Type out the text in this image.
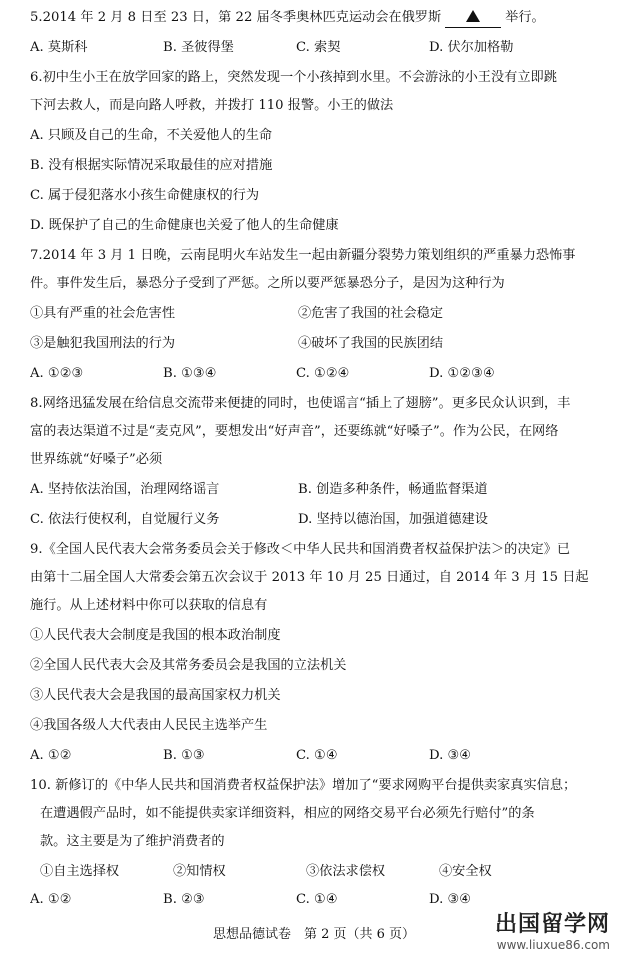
5.2014 年 2 月 8 日至 23 日，第 22 届冬季奥林匹克运动会在俄罗斯	举行。
A. 莫斯科	B. 圣彼得堡	C. 索契	D. 伏尔加格勒
6.初中生小王在放学回家的路上，突然发现一个小孩掉到水里。不会游泳的小王没有立即跳
下河去救人，而是向路人呼救，并拨打 110 报警。小王的做法
A. 只顾及自己的生命，不关爱他人的生命
B. 没有根据实际情况采取最佳的应对措施
C. 属于侵犯落水小孩生命健康权的行为
D. 既保护了自己的生命健康也关爱了他人的生命健康
7.2014 年 3 月 1 日晚，云南昆明火车站发生一起由新疆分裂势力策划组织的严重暴力恐怖事
件。事件发生后，暴恐分子受到了严惩。之所以要严惩暴恐分子，是因为这种行为
①具有严重的社会危害性	②危害了我国的社会稳定
③是触犯我国刑法的行为	④破坏了我国的民族团结
A. ①②③	B. ①③④	C. ①②④	D. ①②③④
8.网络迅猛发展在给信息交流带来便捷的同时，也使谣言“插上了翅膀”。更多民众认识到，丰
富的表达渠道不过是“麦克风”，要想发出“好声音”，还要练就“好嗓子”。作为公民，在网络
世界练就“好嗓子”必须
A. 坚持依法治国，治理网络谣言	B. 创造多种条件，畅通监督渠道
C. 依法行使权利，自觉履行义务	D. 坚持以德治国，加强道德建设
9.《全国人民代表大会常务委员会关于修改＜中华人民共和国消费者权益保护法＞的决定》已
由第十二届全国人大常委会第五次会议于 2013 年 10 月 25 日通过，自 2014 年 3 月 15 日起
施行。从上述材料中你可以获取的信息有
①人民代表大会制度是我国的根本政治制度
②全国人民代表大会及其常务委员会是我国的立法机关
③人民代表大会是我国的最高国家权力机关
④我国各级人大代表由人民民主选举产生
A. ①②	B. ①③	C. ①④	D. ③④
10. 新修订的《中华人民共和国消费者权益保护法》增加了“要求网购平台提供卖家真实信息；
在遭遇假产品时，如不能提供卖家详细资料，相应的网络交易平台必须先行赔付”的条
款。这主要是为了维护消费者的
①自主选择权	②知情权	③依法求偿权	④安全权
A. ①②	B. ②③	C. ①④	D. ③④
思想品德试卷　第 2 页（共 6 页）	出国留学网
www.liuxue86.com
